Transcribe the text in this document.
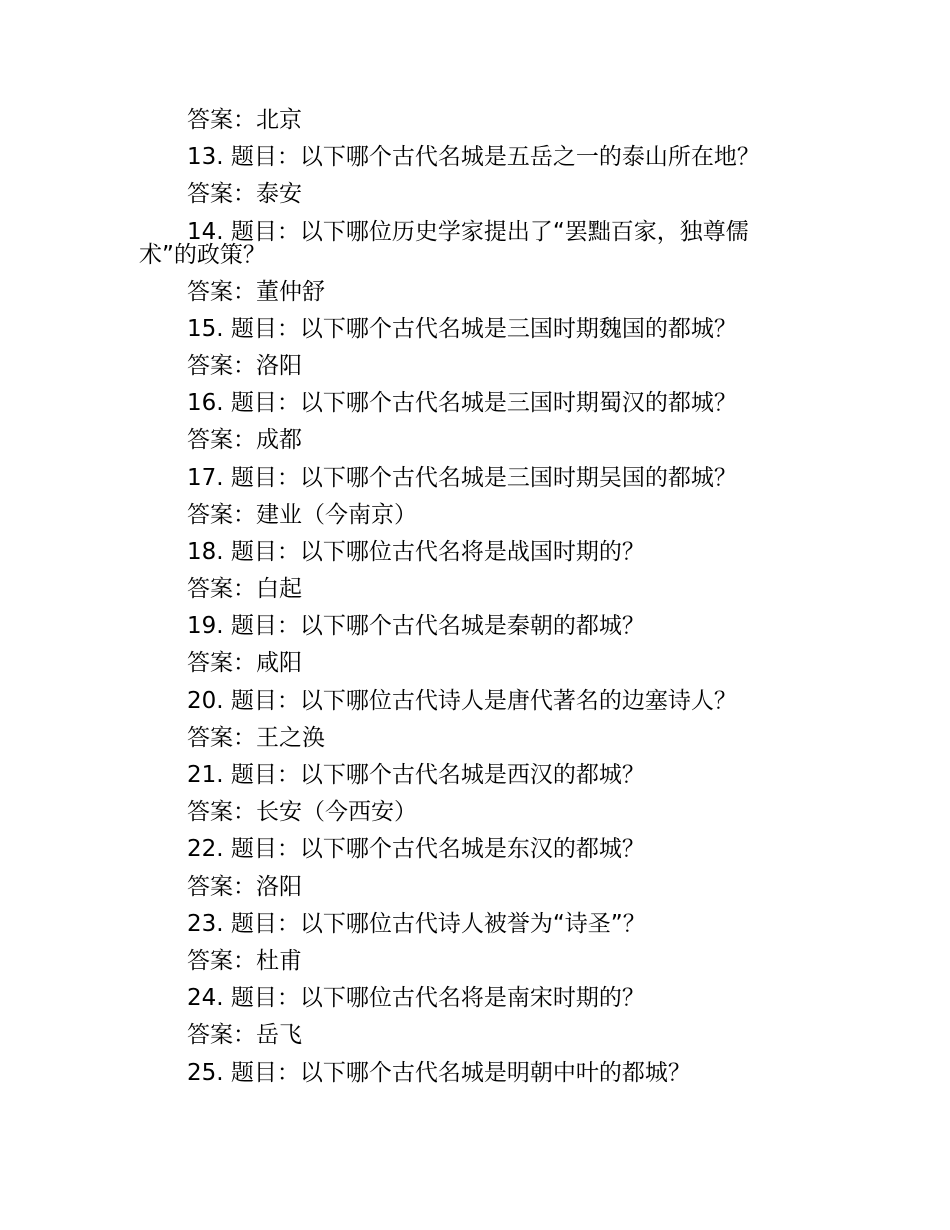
答案：北京
13. 题目：以下哪个古代名城是五岳之一的泰山所在地？
答案：泰安
14. 题目：以下哪位历史学家提出了“罢黜百家，独尊儒
术”的政策？
答案：董仲舒
15. 题目：以下哪个古代名城是三国时期魏国的都城？
答案：洛阳
16. 题目：以下哪个古代名城是三国时期蜀汉的都城？
答案：成都
17. 题目：以下哪个古代名城是三国时期吴国的都城？
答案：建业（今南京）
18. 题目：以下哪位古代名将是战国时期的？
答案：白起
19. 题目：以下哪个古代名城是秦朝的都城？
答案：咸阳
20. 题目：以下哪位古代诗人是唐代著名的边塞诗人？
答案：王之涣
21. 题目：以下哪个古代名城是西汉的都城？
答案：长安（今西安）
22. 题目：以下哪个古代名城是东汉的都城？
答案：洛阳
23. 题目：以下哪位古代诗人被誉为“诗圣”？
答案：杜甫
24. 题目：以下哪位古代名将是南宋时期的？
答案：岳飞
25. 题目：以下哪个古代名城是明朝中叶的都城？
